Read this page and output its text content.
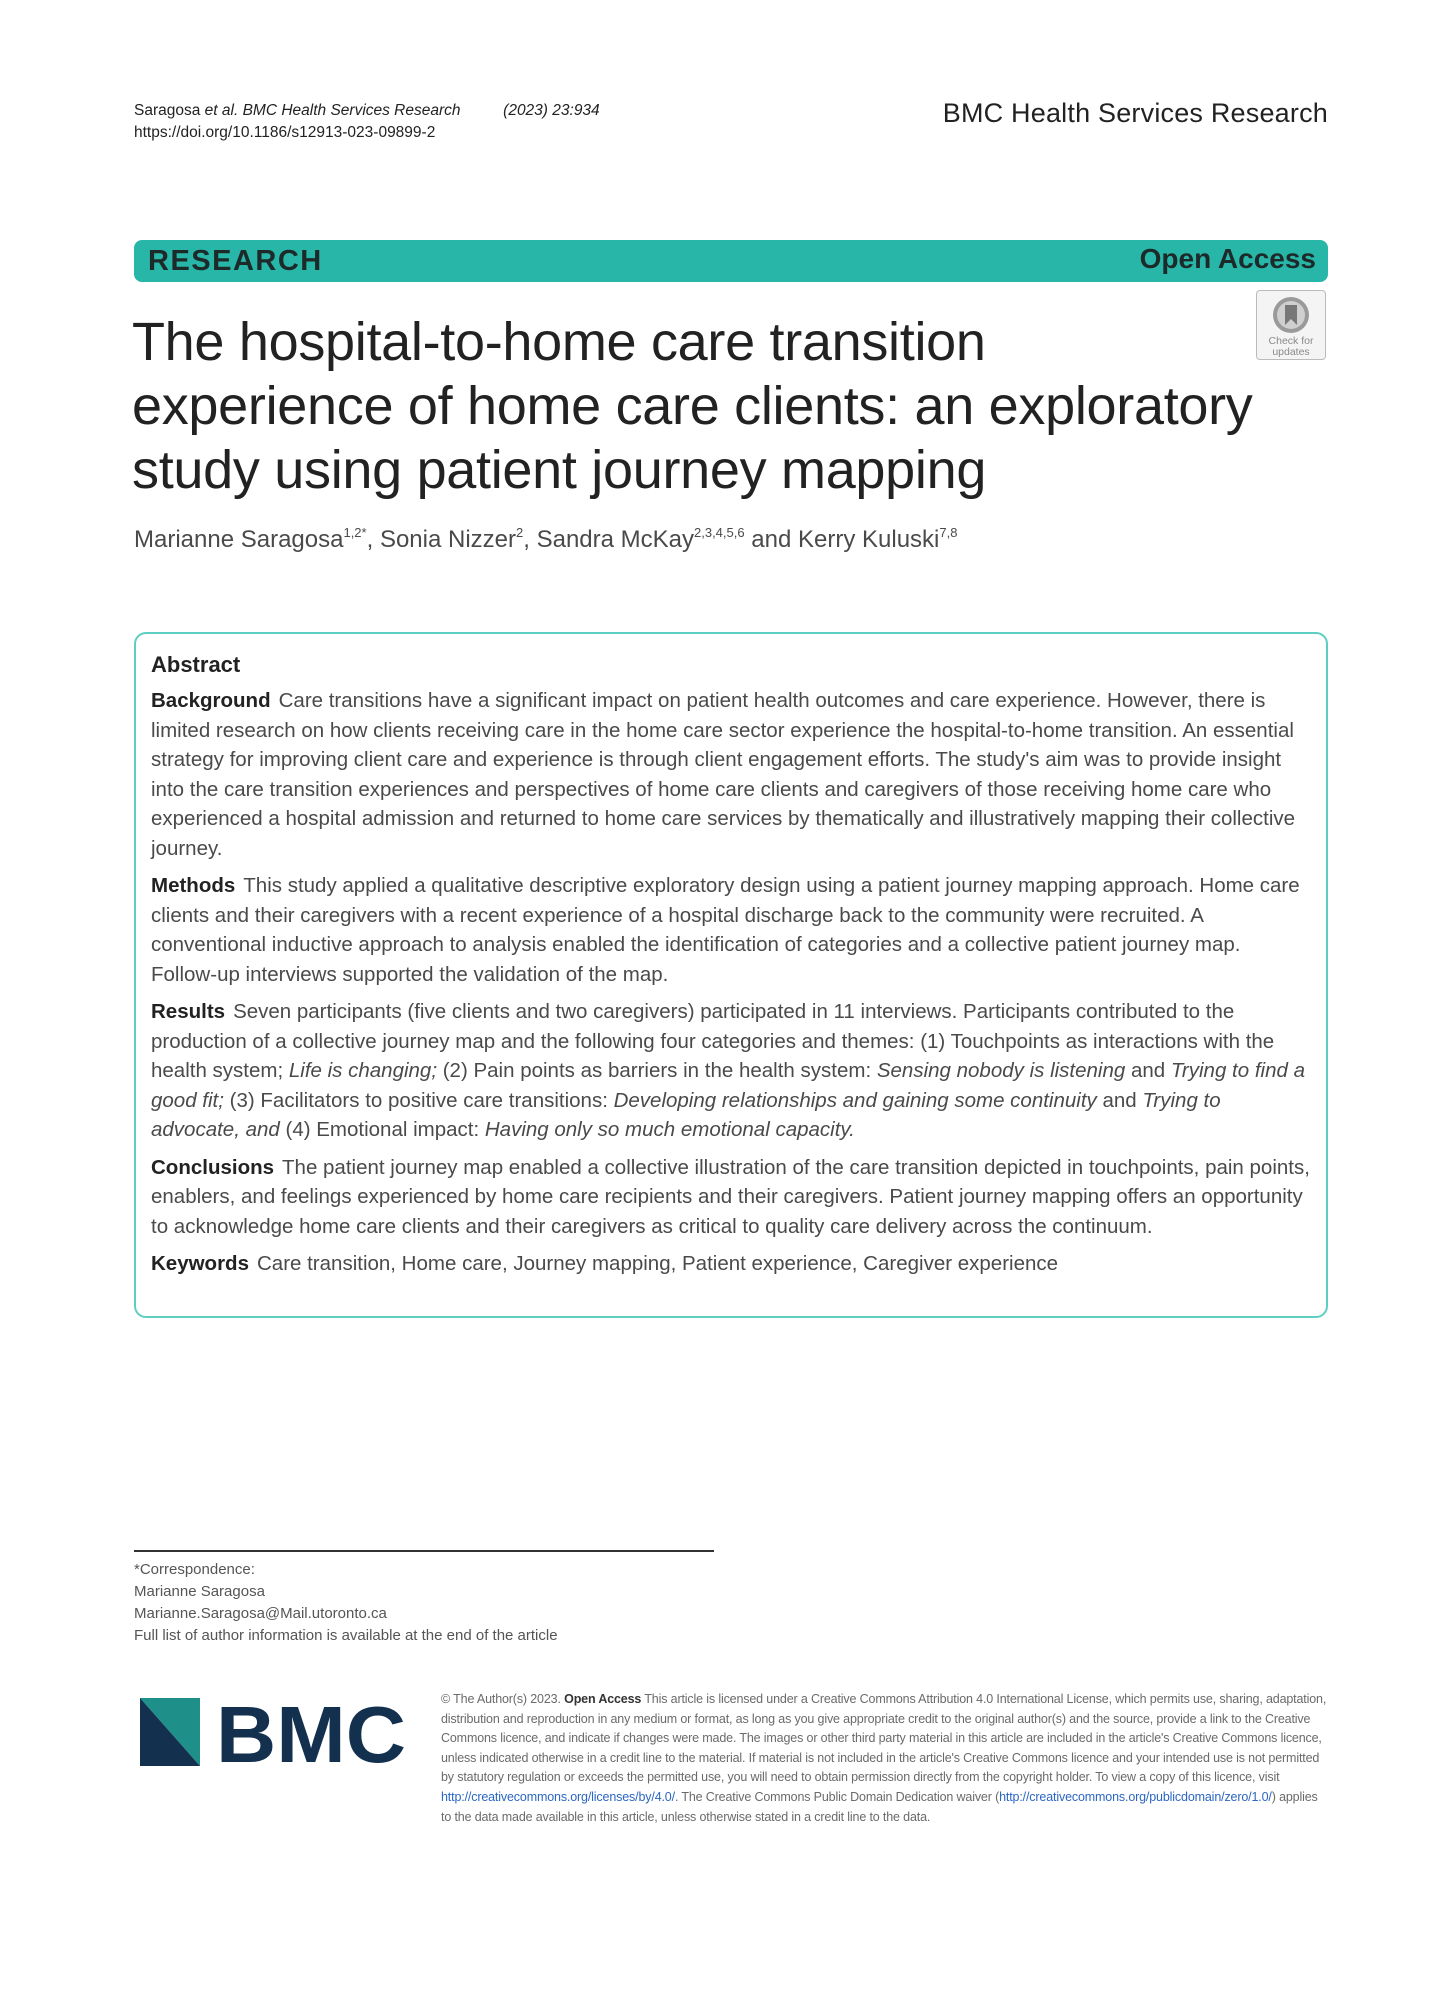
Saragosa et al. BMC Health Services Research	(2023) 23:934
https://doi.org/10.1186/s12913-023-09899-2
BMC Health Services Research
RESEARCH	Open Access
Check for
updates
The hospital-to-home care transition
experience of home care clients: an exploratory
study using patient journey mapping
Marianne Saragosa$^{1,2*}$, Sonia Nizzer$^2$, Sandra McKay$^{2,3,4,5,6}$ and Kerry Kuluski$^{7,8}$
Abstract
Background Care transitions have a significant impact on patient health outcomes and care experience. However, there is limited research on how clients receiving care in the home care sector experience the hospital-to-home transition. An essential strategy for improving client care and experience is through client engagement efforts. The study's aim was to provide insight into the care transition experiences and perspectives of home care clients and caregivers of those receiving home care who experienced a hospital admission and returned to home care services by thematically and illustratively mapping their collective journey.
Methods This study applied a qualitative descriptive exploratory design using a patient journey mapping approach. Home care clients and their caregivers with a recent experience of a hospital discharge back to the community were recruited. A conventional inductive approach to analysis enabled the identification of categories and a collective patient journey map. Follow-up interviews supported the validation of the map.
Results Seven participants (five clients and two caregivers) participated in 11 interviews. Participants contributed to the production of a collective journey map and the following four categories and themes: (1) Touchpoints as interactions with the health system; Life is changing; (2) Pain points as barriers in the health system: Sensing nobody is listening and Trying to find a good fit; (3) Facilitators to positive care transitions: Developing relationships and gaining some continuity and Trying to advocate, and (4) Emotional impact: Having only so much emotional capacity.
Conclusions The patient journey map enabled a collective illustration of the care transition depicted in touchpoints, pain points, enablers, and feelings experienced by home care recipients and their caregivers. Patient journey mapping offers an opportunity to acknowledge home care clients and their caregivers as critical to quality care delivery across the continuum.
Keywords Care transition, Home care, Journey mapping, Patient experience, Caregiver experience
*Correspondence:
Marianne Saragosa
Marianne.Saragosa@Mail.utoronto.ca
Full list of author information is available at the end of the article
BMC	© The Author(s) 2023. Open Access This article is licensed under a Creative Commons Attribution 4.0 International License, which permits use, sharing, adaptation, distribution and reproduction in any medium or format, as long as you give appropriate credit to the original author(s) and the source, provide a link to the Creative Commons licence, and indicate if changes were made. The images or other third party material in this article are included in the article's Creative Commons licence, unless indicated otherwise in a credit line to the material. If material is not included in the article's Creative Commons licence and your intended use is not permitted by statutory regulation or exceeds the permitted use, you will need to obtain permission directly from the copyright holder. To view a copy of this licence, visit http://creativecommons.org/licenses/by/4.0/. The Creative Commons Public Domain Dedication waiver (http://creativecommons.org/publicdomain/zero/1.0/) applies to the data made available in this article, unless otherwise stated in a credit line to the data.
